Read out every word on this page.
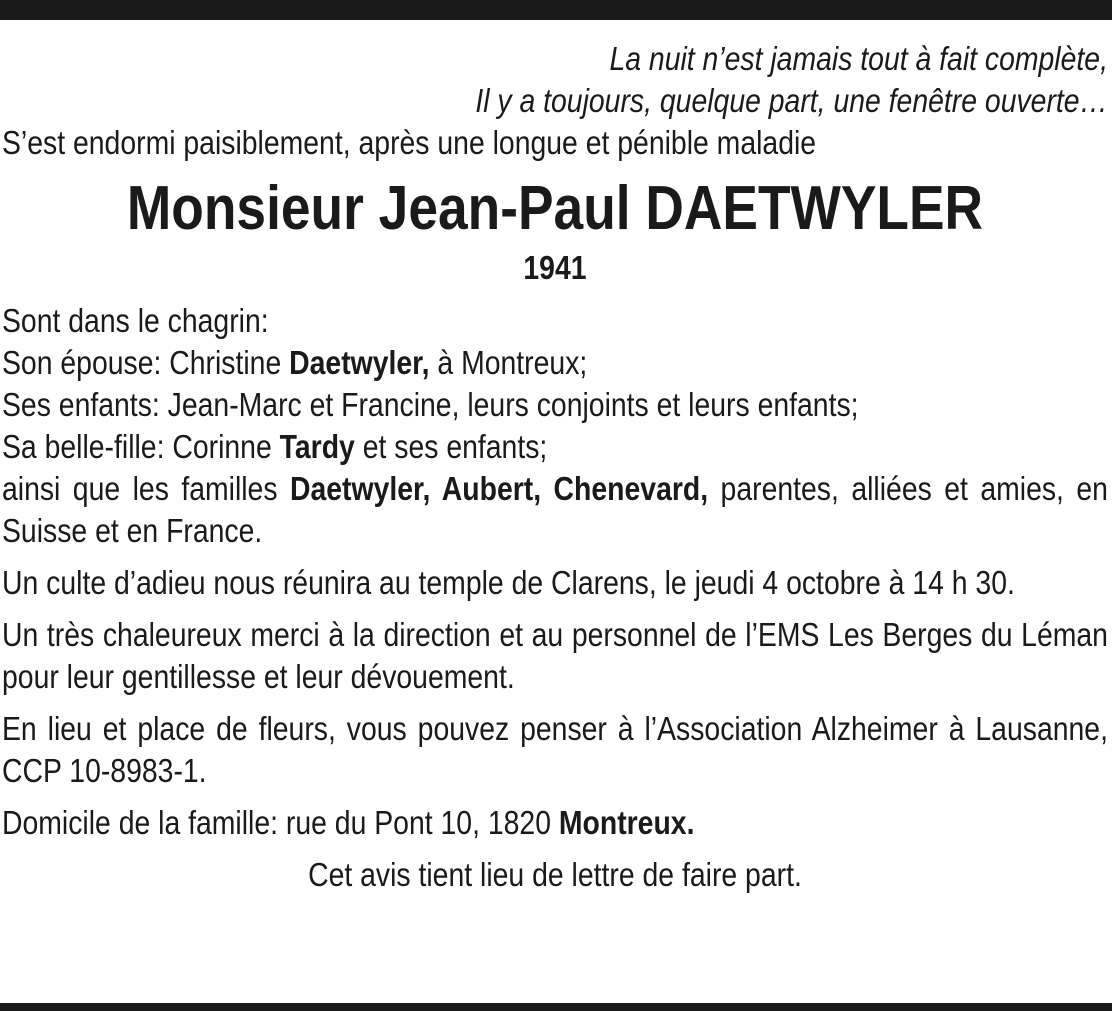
La nuit n’est jamais tout à fait complète,
Il y a toujours, quelque part, une fenêtre ouverte…
S’est endormi paisiblement, après une longue et pénible maladie
Monsieur Jean-Paul DAETWYLER
1941
Sont dans le chagrin:
Son épouse: Christine Daetwyler, à Montreux;
Ses enfants: Jean-Marc et Francine, leurs conjoints et leurs enfants;
Sa belle-fille: Corinne Tardy et ses enfants;

ainsi que les familles Daetwyler, Aubert, Chenevard, parentes, alliées et amies, en Suisse et en France.

Un culte d’adieu nous réunira au temple de Clarens, le jeudi 4 octobre à 14 h 30.

Un très chaleureux merci à la direction et au personnel de l’EMS Les Berges du Léman pour leur gentillesse et leur dévouement.

En lieu et place de fleurs, vous pouvez penser à l’Association Alzheimer à Lausanne, CCP 10-8983-1.

Domicile de la famille: rue du Pont 10, 1820 Montreux.

Cet avis tient lieu de lettre de faire part.
